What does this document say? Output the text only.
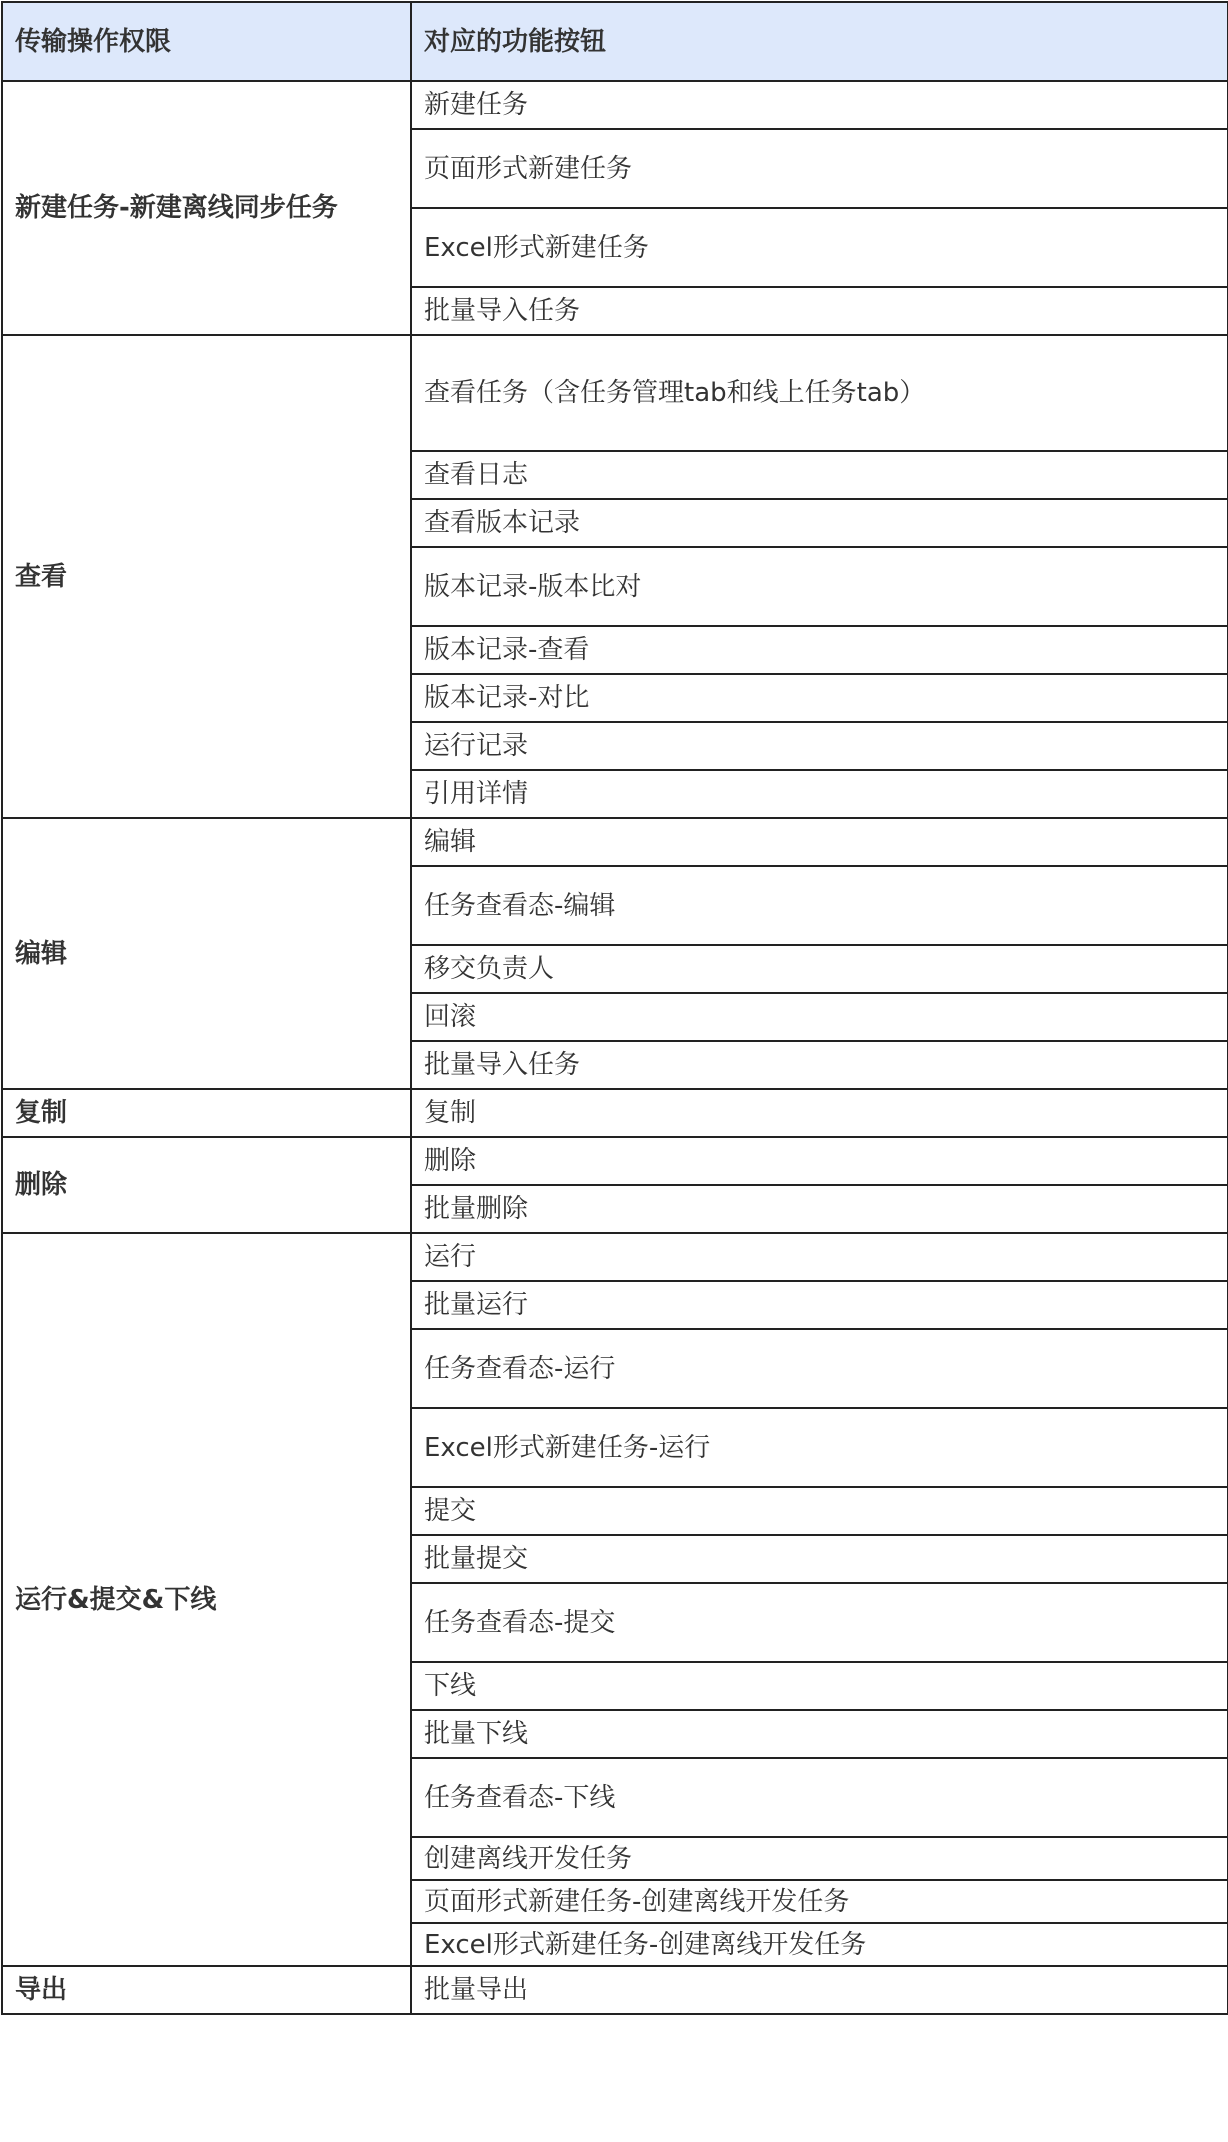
传输操作权限	对应的功能按钮
新建任务-新建离线同步任务	新建任务
	页面形式新建任务
	Excel形式新建任务
	批量导入任务
查看	查看任务（含任务管理tab和线上任务tab）
	查看日志
	查看版本记录
	版本记录-版本比对
	版本记录-查看
	版本记录-对比
	运行记录
	引用详情
编辑	编辑
	任务查看态-编辑
	移交负责人
	回滚
	批量导入任务
复制	复制
删除	删除
	批量删除
运行&提交&下线	运行
	批量运行
	任务查看态-运行
	Excel形式新建任务-运行
	提交
	批量提交
	任务查看态-提交
	下线
	批量下线
	任务查看态-下线
	创建离线开发任务
	页面形式新建任务-创建离线开发任务
	Excel形式新建任务-创建离线开发任务
导出	批量导出
